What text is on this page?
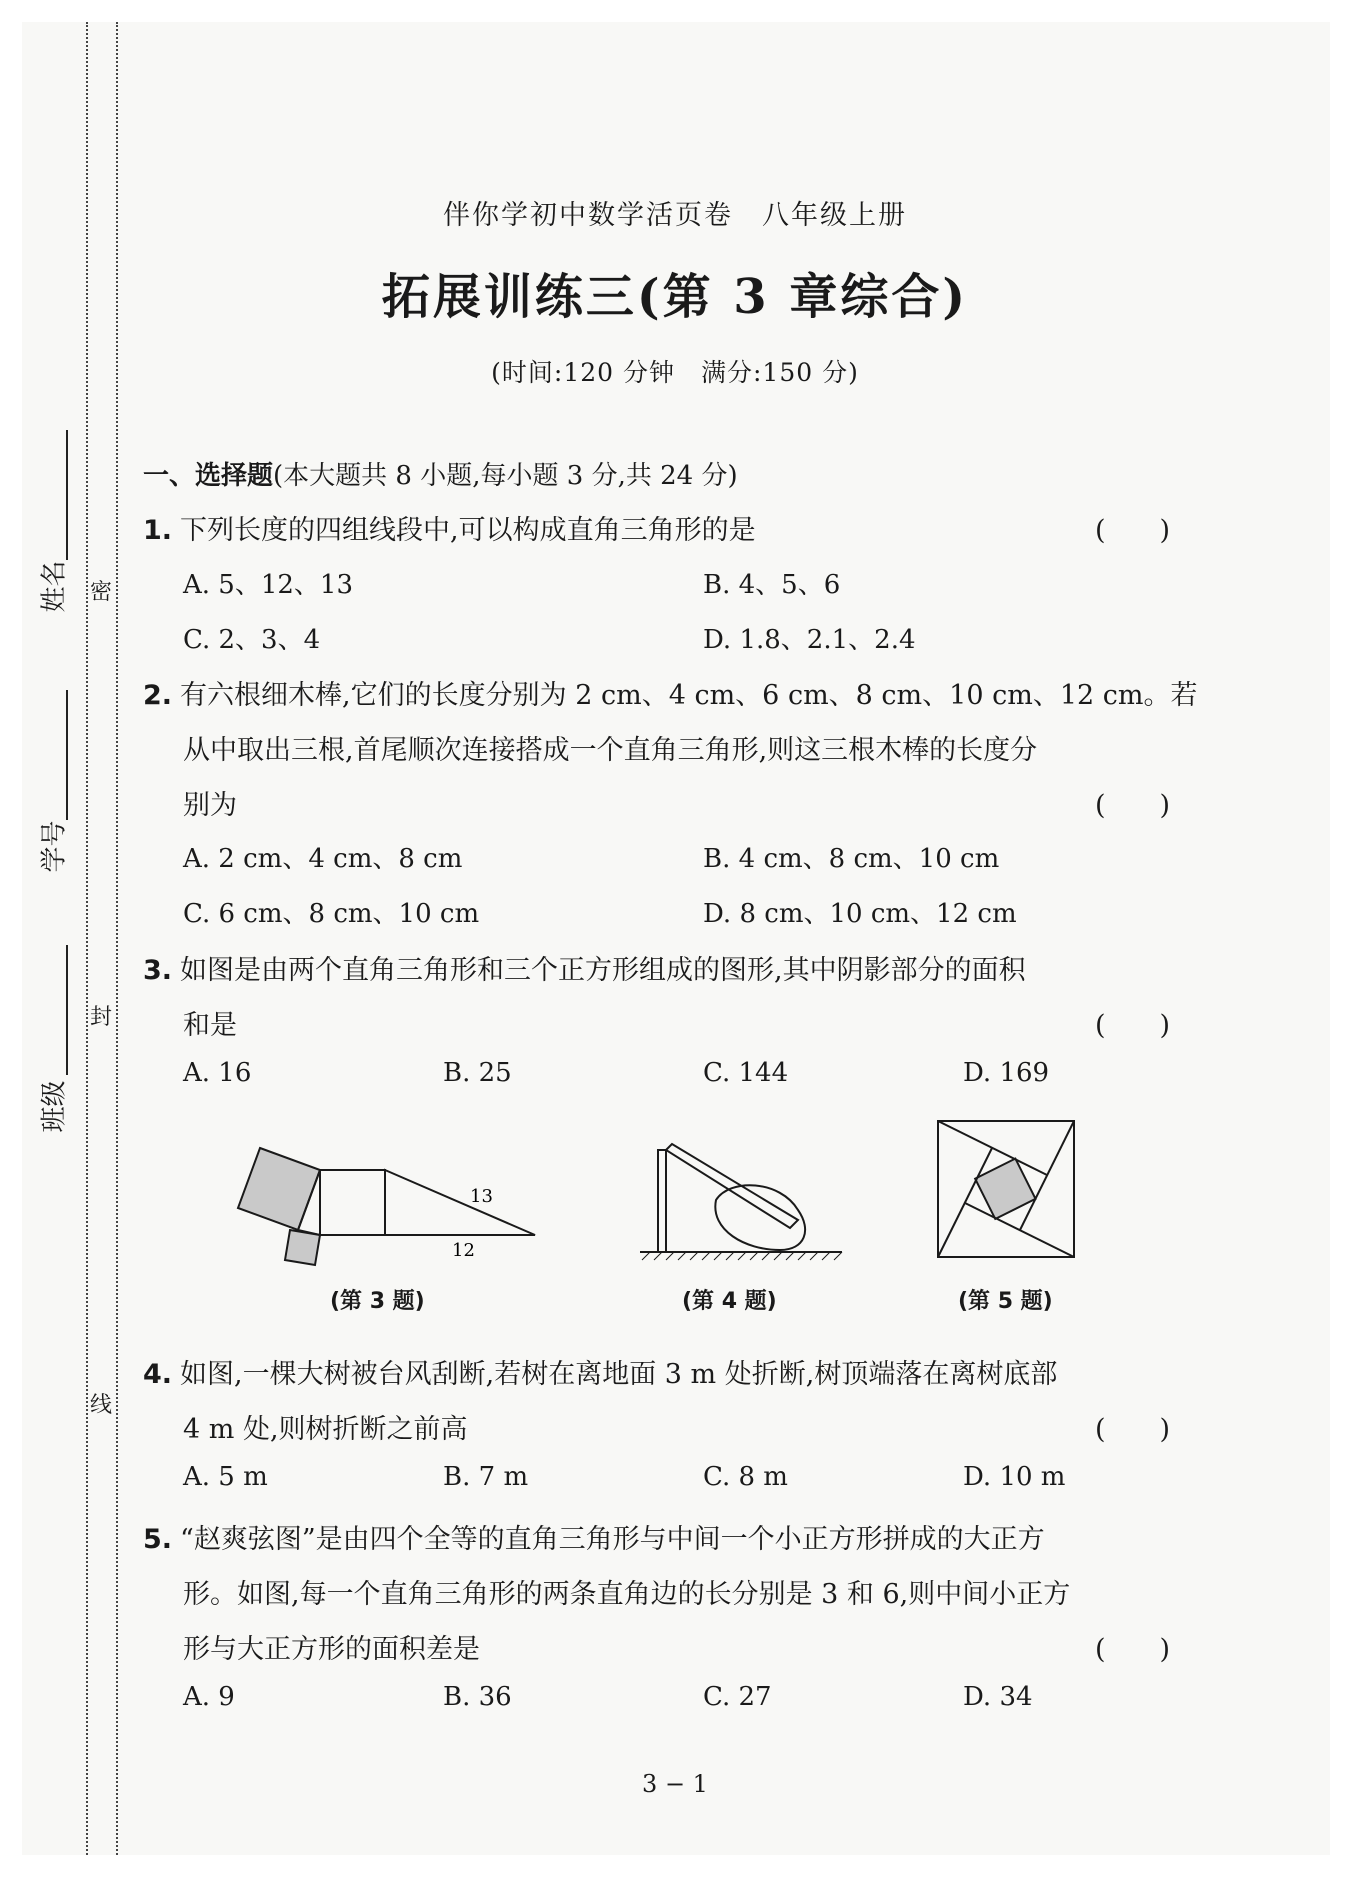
姓名
学号
班级
密
封
线
伴你学初中数学活页卷　八年级上册
拓展训练三(第 3 章综合)
(时间:120 分钟　满分:150 分)
一、选择题(本大题共 8 小题,每小题 3 分,共 24 分)
1. 下列长度的四组线段中,可以构成直角三角形的是	(　　)
A. 5、12、13	B. 4、5、6
C. 2、3、4	D. 1.8、2.1、2.4
2. 有六根细木棒,它们的长度分别为 2 cm、4 cm、6 cm、8 cm、10 cm、12 cm。若
从中取出三根,首尾顺次连接搭成一个直角三角形,则这三根木棒的长度分
别为	(　　)
A. 2 cm、4 cm、8 cm	B. 4 cm、8 cm、10 cm
C. 6 cm、8 cm、10 cm	D. 8 cm、10 cm、12 cm
3. 如图是由两个直角三角形和三个正方形组成的图形,其中阴影部分的面积
和是	(　　)
A. 16	B. 25	C. 144	D. 169
13
12
(第 3 题)	(第 4 题)	(第 5 题)
4. 如图,一棵大树被台风刮断,若树在离地面 3 m 处折断,树顶端落在离树底部
4 m 处,则树折断之前高	(　　)
A. 5 m	B. 7 m	C. 8 m	D. 10 m
5. “赵爽弦图”是由四个全等的直角三角形与中间一个小正方形拼成的大正方
形。如图,每一个直角三角形的两条直角边的长分别是 3 和 6,则中间小正方
形与大正方形的面积差是	(　　)
A. 9	B. 36	C. 27	D. 34
3 − 1
